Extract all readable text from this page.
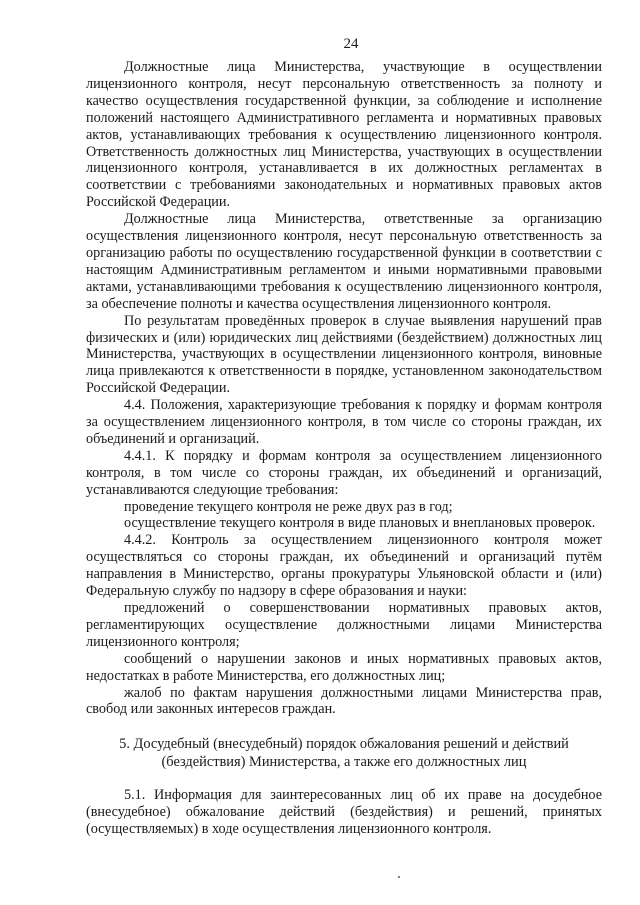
24

Должностные лица Министерства, участвующие в осуществлении лицензионного контроля, несут персональную ответственность за полноту и качество осуществления государственной функции, за соблюдение и исполнение положений настоящего Административного регламента и нормативных правовых актов, устанавливающих требования к осуществлению лицензионного контроля. Ответственность должностных лиц Министерства, участвующих в осуществлении лицензионного контроля, устанавливается в их должностных регламентах в соответствии с требованиями законодательных и нормативных правовых актов Российской Федерации.

Должностные лица Министерства, ответственные за организацию осуществления лицензионного контроля, несут персональную ответственность за организацию работы по осуществлению государственной функции в соответствии с настоящим Административным регламентом и иными нормативными правовыми актами, устанавливающими требования к осуществлению лицензионного контроля, за обеспечение полноты и качества осуществления лицензионного контроля.

По результатам проведённых проверок в случае выявления нарушений прав физических и (или) юридических лиц действиями (бездействием) должностных лиц Министерства, участвующих в осуществлении лицензионного контроля, виновные лица привлекаются к ответственности в порядке, установленном законодательством Российской Федерации.

4.4. Положения, характеризующие требования к порядку и формам контроля за осуществлением лицензионного контроля, в том числе со стороны граждан, их объединений и организаций.

4.4.1. К порядку и формам контроля за осуществлением лицензионного контроля, в том числе со стороны граждан, их объединений и организаций, устанавливаются следующие требования:

проведение текущего контроля не реже двух раз в год;

осуществление текущего контроля в виде плановых и внеплановых проверок.

4.4.2. Контроль за осуществлением лицензионного контроля может осуществляться со стороны граждан, их объединений и организаций путём направления в Министерство, органы прокуратуры Ульяновской области и (или) Федеральную службу по надзору в сфере образования и науки:

предложений о совершенствовании нормативных правовых актов, регламентирующих осуществление должностными лицами Министерства лицензионного контроля;

сообщений о нарушении законов и иных нормативных правовых актов, недостатках в работе Министерства, его должностных лиц;

жалоб по фактам нарушения должностными лицами Министерства прав, свобод или законных интересов граждан.

5. Досудебный (внесудебный) порядок обжалования решений и действий
(бездействия) Министерства, а также его должностных лиц

5.1. Информация для заинтересованных лиц об их праве на досудебное (внесудебное) обжалование действий (бездействия) и решений, принятых (осуществляемых) в ходе осуществления лицензионного контроля.
